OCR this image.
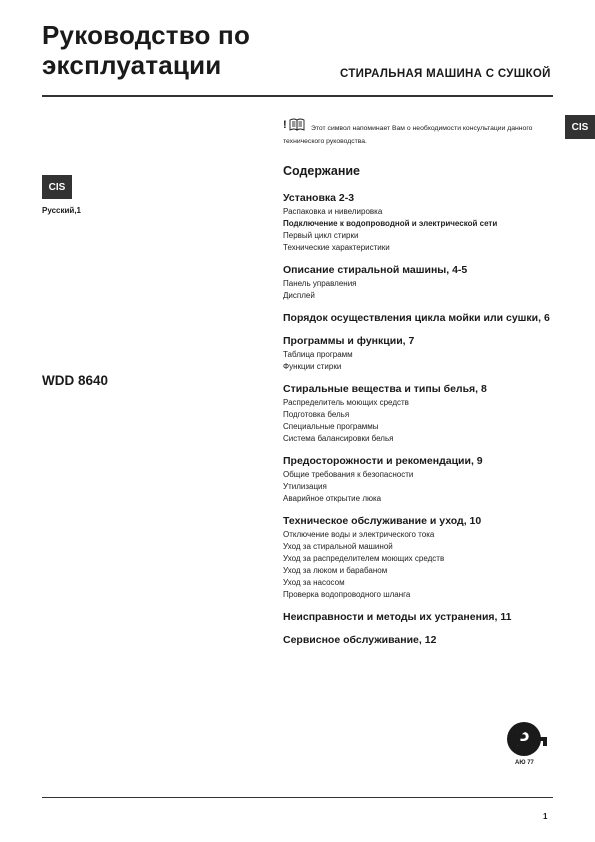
Руководство по эксплуатации	СТИРАЛЬНАЯ МАШИНА С СУШКОЙ
CIS
CIS
Русский,1
WDD 8640
!	Этот символ напоминает Вам о необходимости консультации данного технического руководства.
Содержание
Установка 2-3
Распаковка и нивелировка
Подключение к водопроводной и электрической сети
Первый цикл стирки
Технические характеристики
Описание стиральной машины, 4-5
Панель управления
Дисплей
Порядок осуществления цикла мойки или сушки, 6
Программы и функции, 7
Таблица программ
Функции стирки
Стиральные вещества и типы белья, 8
Распределитель моющих средств
Подготовка белья
Специальные программы
Система балансировки белья
Предосторожности и рекомендации, 9
Общие требования к безопасности
Утилизация
Аварийное открытие люка
Техническое обслуживание и уход, 10
Отключение воды и электрического тока
Уход за стиральной машиной
Уход за распределителем моющих средств
Уход за люком и барабаном
Уход за насосом
Проверка водопроводного шланга
Неисправности и методы их устранения, 11
Сервисное обслуживание, 12
Р
АЮ 77
1
